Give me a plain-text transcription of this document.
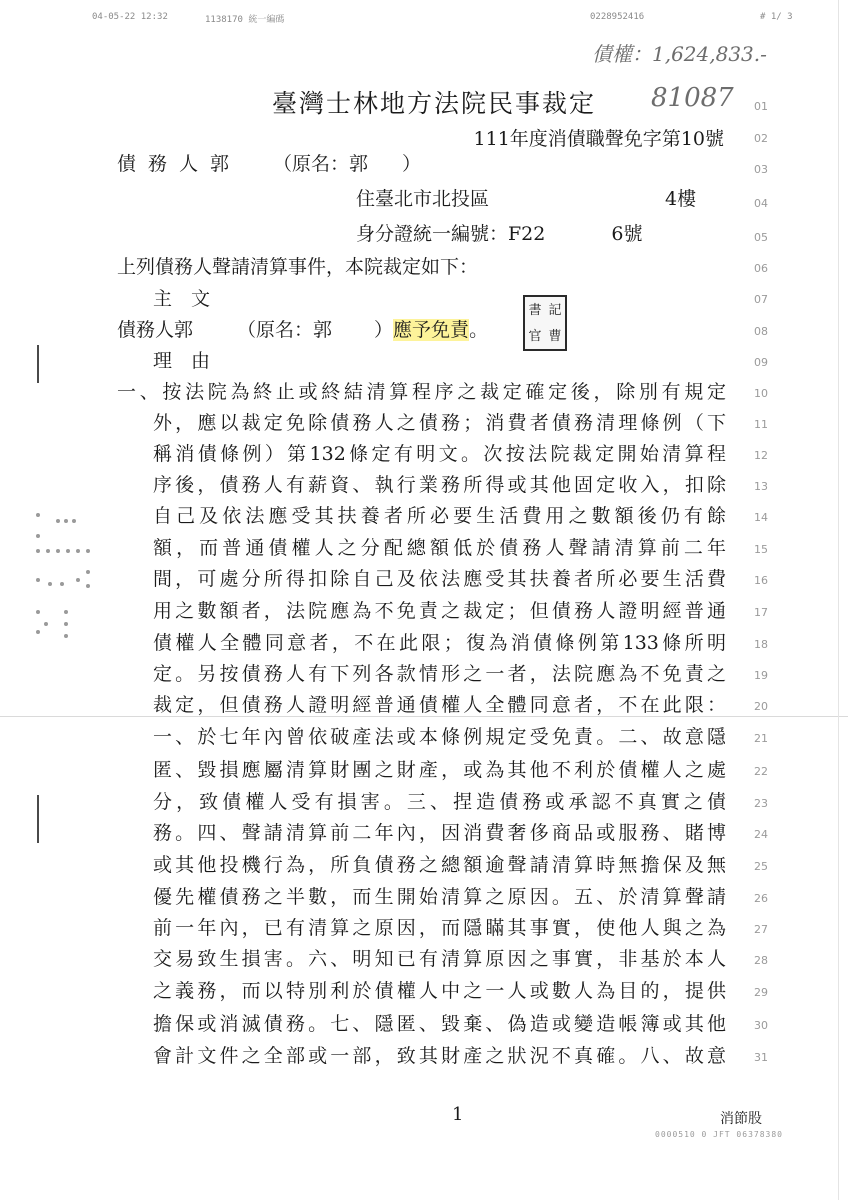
04-05-22 12:32	1138170 統一編碼	0228952416	# 1/ 3
債權：1,624,833.-
81087
臺灣士林地方法院民事裁定
111年度消債職聲免字第10號
債務人郭 （原名：郭 ）
住臺北市北投區	4樓
身分證統一編號：F22	6號
上列債務人聲請清算事件，本院裁定如下：
主　文
債務人郭 （原名：郭 ）應予免責。
書 記
官 曹
理　由
一、按法院為終止或終結清算程序之裁定確定後，除別有規定
外，應以裁定免除債務人之債務；消費者債務清理條例（下
稱消債條例）第132條定有明文。次按法院裁定開始清算程
序後，債務人有薪資、執行業務所得或其他固定收入，扣除
自己及依法應受其扶養者所必要生活費用之數額後仍有餘
額，而普通債權人之分配總額低於債務人聲請清算前二年
間，可處分所得扣除自己及依法應受其扶養者所必要生活費
用之數額者，法院應為不免責之裁定；但債務人證明經普通
債權人全體同意者，不在此限；復為消債條例第133條所明
定。另按債務人有下列各款情形之一者，法院應為不免責之
裁定，但債務人證明經普通債權人全體同意者，不在此限：
一、於七年內曾依破產法或本條例規定受免責。二、故意隱
匿、毀損應屬清算財團之財產，或為其他不利於債權人之處
分，致債權人受有損害。三、捏造債務或承認不真實之債
務。四、聲請清算前二年內，因消費奢侈商品或服務、賭博
或其他投機行為，所負債務之總額逾聲請清算時無擔保及無
優先權債務之半數，而生開始清算之原因。五、於清算聲請
前一年內，已有清算之原因，而隱瞞其事實，使他人與之為
交易致生損害。六、明知已有清算原因之事實，非基於本人
之義務，而以特別利於債權人中之一人或數人為目的，提供
擔保或消滅債務。七、隱匿、毀棄、偽造或變造帳簿或其他
會計文件之全部或一部，致其財產之狀況不真確。八、故意
01
02
03
04
05
06
07
08
09
10
11
12
13
14
15
16
17
18
19
20
21
22
23
24
25
26
27
28
29
30
31
1	消節股
0000510 0 JFT 06378380
